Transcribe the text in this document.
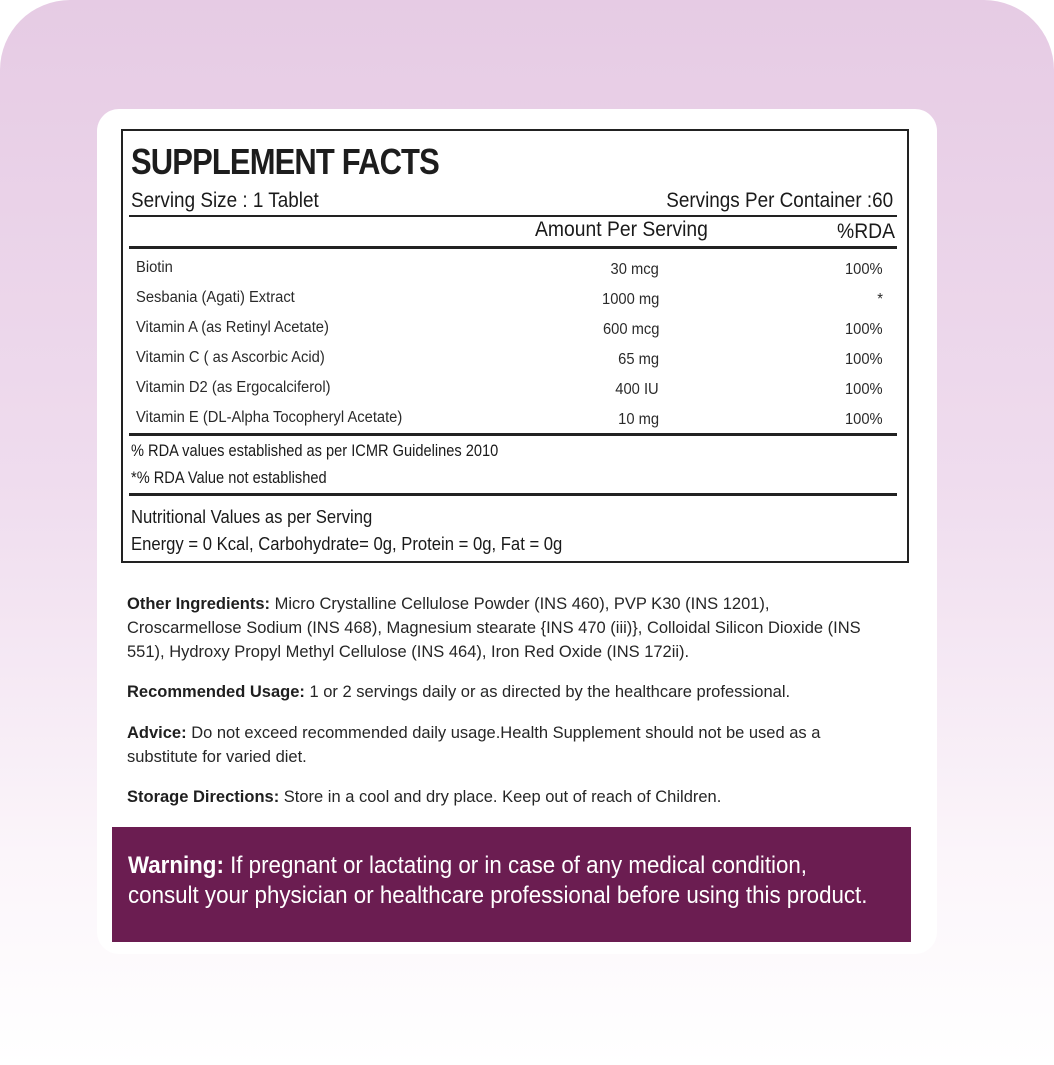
SUPPLEMENT FACTS
Serving Size : 1 Tablet	Servings Per Container :60
Amount Per Serving	%RDA
Biotin	30 mcg	100%
Sesbania (Agati) Extract	1000 mg	*
Vitamin A (as Retinyl Acetate)	600 mcg	100%
Vitamin C ( as Ascorbic Acid)	65 mg	100%
Vitamin D2 (as Ergocalciferol)	400 IU	100%
Vitamin E (DL-Alpha Tocopheryl Acetate)	10 mg	100%
% RDA values established as per ICMR Guidelines 2010
*% RDA Value not established
Nutritional Values as per Serving
Energy = 0 Kcal, Carbohydrate= 0g, Protein = 0g, Fat = 0g
Other Ingredients: Micro Crystalline Cellulose Powder (INS 460), PVP K30 (INS 1201), Croscarmellose Sodium (INS 468), Magnesium stearate {INS 470 (iii)}, Colloidal Silicon Dioxide (INS 551), Hydroxy Propyl Methyl Cellulose (INS 464), Iron Red Oxide (INS 172ii).
Recommended Usage: 1 or 2 servings daily or as directed by the healthcare professional.
Advice: Do not exceed recommended daily usage.Health Supplement should not be used as a substitute for varied diet.
Storage Directions: Store in a cool and dry place. Keep out of reach of Children.
Warning: If pregnant or lactating or in case of any medical condition,
consult your physician or healthcare professional before using this product.
